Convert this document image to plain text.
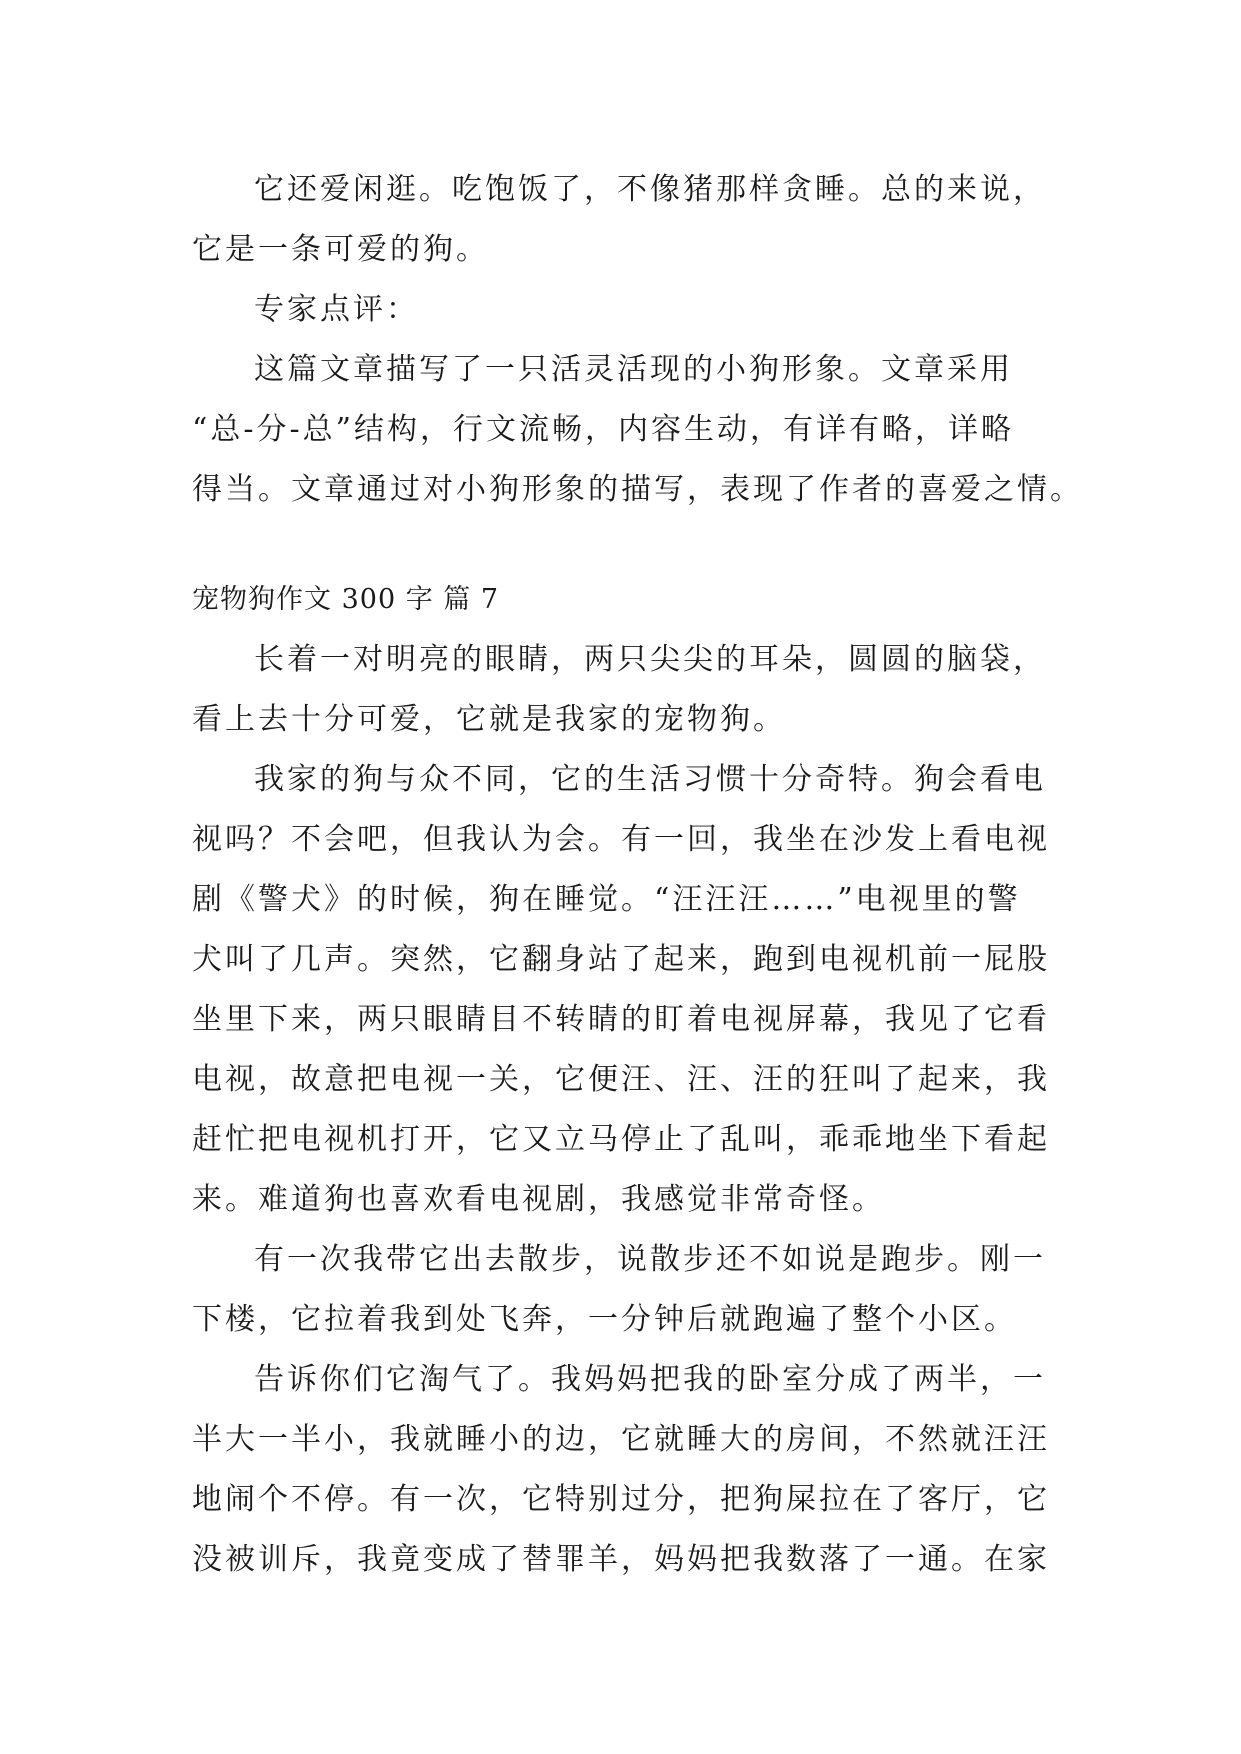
它还爱闲逛。吃饱饭了，不像猪那样贪睡。总的来说，
它是一条可爱的狗。
专家点评：
这篇文章描写了一只活灵活现的小狗形象。文章采用
“总-分-总”结构，行文流畅，内容生动，有详有略，详略
得当。文章通过对小狗形象的描写，表现了作者的喜爱之情。
宠物狗作文 300 字 篇 7
长着一对明亮的眼睛，两只尖尖的耳朵，圆圆的脑袋，
看上去十分可爱，它就是我家的宠物狗。
我家的狗与众不同，它的生活习惯十分奇特。狗会看电
视吗？不会吧，但我认为会。有一回，我坐在沙发上看电视
剧《警犬》的时候，狗在睡觉。“汪汪汪……”电视里的警
犬叫了几声。突然，它翻身站了起来，跑到电视机前一屁股
坐里下来，两只眼睛目不转睛的盯着电视屏幕，我见了它看
电视，故意把电视一关，它便汪、汪、汪的狂叫了起来，我
赶忙把电视机打开，它又立马停止了乱叫，乖乖地坐下看起
来。难道狗也喜欢看电视剧，我感觉非常奇怪。
有一次我带它出去散步，说散步还不如说是跑步。刚一
下楼，它拉着我到处飞奔，一分钟后就跑遍了整个小区。
告诉你们它淘气了。我妈妈把我的卧室分成了两半，一
半大一半小，我就睡小的边，它就睡大的房间，不然就汪汪
地闹个不停。有一次，它特别过分，把狗屎拉在了客厅，它
没被训斥，我竟变成了替罪羊，妈妈把我数落了一通。在家
